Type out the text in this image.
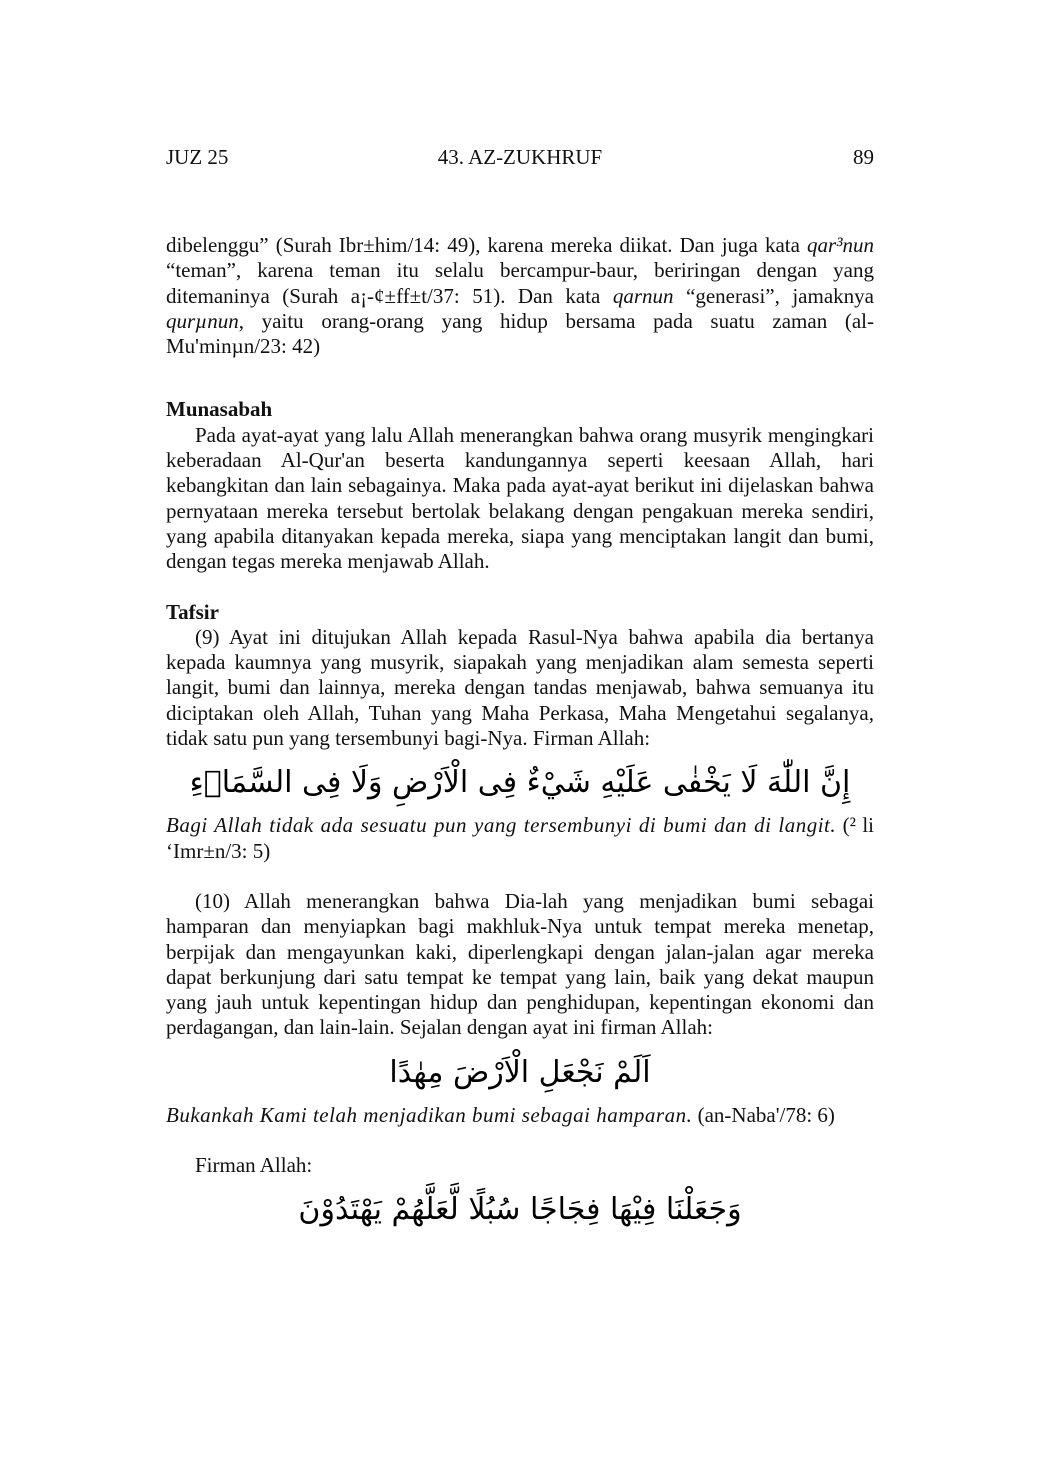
JUZ 25	43. AZ-ZUKHRUF	89

dibelenggu” (Surah Ibr±him/14: 49), karena mereka diikat. Dan juga kata qar³nun “teman”, karena teman itu selalu bercampur-baur, beriringan dengan yang ditemaninya (Surah a¡-¢±ff±t/37: 51). Dan kata qarnun “generasi”, jamaknya qurµnun, yaitu orang-orang yang hidup bersama pada suatu zaman (al-Mu'minµn/23: 42)

Munasabah

Pada ayat-ayat yang lalu Allah menerangkan bahwa orang musyrik mengingkari keberadaan Al-Qur'an beserta kandungannya seperti keesaan Allah, hari kebangkitan dan lain sebagainya. Maka pada ayat-ayat berikut ini dijelaskan bahwa pernyataan mereka tersebut bertolak belakang dengan pengakuan mereka sendiri, yang apabila ditanyakan kepada mereka, siapa yang menciptakan langit dan bumi, dengan tegas mereka menjawab Allah.

Tafsir

(9) Ayat ini ditujukan Allah kepada Rasul-Nya bahwa apabila dia bertanya kepada kaumnya yang musyrik, siapakah yang menjadikan alam semesta seperti langit, bumi dan lainnya, mereka dengan tandas menjawab, bahwa semuanya itu diciptakan oleh Allah, Tuhan yang Maha Perkasa, Maha Mengetahui segalanya, tidak satu pun yang tersembunyi bagi-Nya. Firman Allah:

إِنَّ اللّٰهَ لَا يَخْفٰى عَلَيْهِ شَيْءٌ فِى الْاَرْضِ وَلَا فِى السَّمَاۤءِ

Bagi Allah tidak ada sesuatu pun yang tersembunyi di bumi dan di langit. (² li ‘Imr±n/3: 5)

(10) Allah menerangkan bahwa Dia-lah yang menjadikan bumi sebagai hamparan dan menyiapkan bagi makhluk-Nya untuk tempat mereka menetap, berpijak dan mengayunkan kaki, diperlengkapi dengan jalan-jalan agar mereka dapat berkunjung dari satu tempat ke tempat yang lain, baik yang dekat maupun yang jauh untuk kepentingan hidup dan penghidupan, kepentingan ekonomi dan perdagangan, dan lain-lain. Sejalan dengan ayat ini firman Allah:

اَلَمْ نَجْعَلِ الْاَرْضَ مِهٰدًا

Bukankah Kami telah menjadikan bumi sebagai hamparan. (an-Naba'/78: 6)

Firman Allah:

وَجَعَلْنَا فِيْهَا فِجَاجًا سُبُلًا لَّعَلَّهُمْ يَهْتَدُوْنَ
